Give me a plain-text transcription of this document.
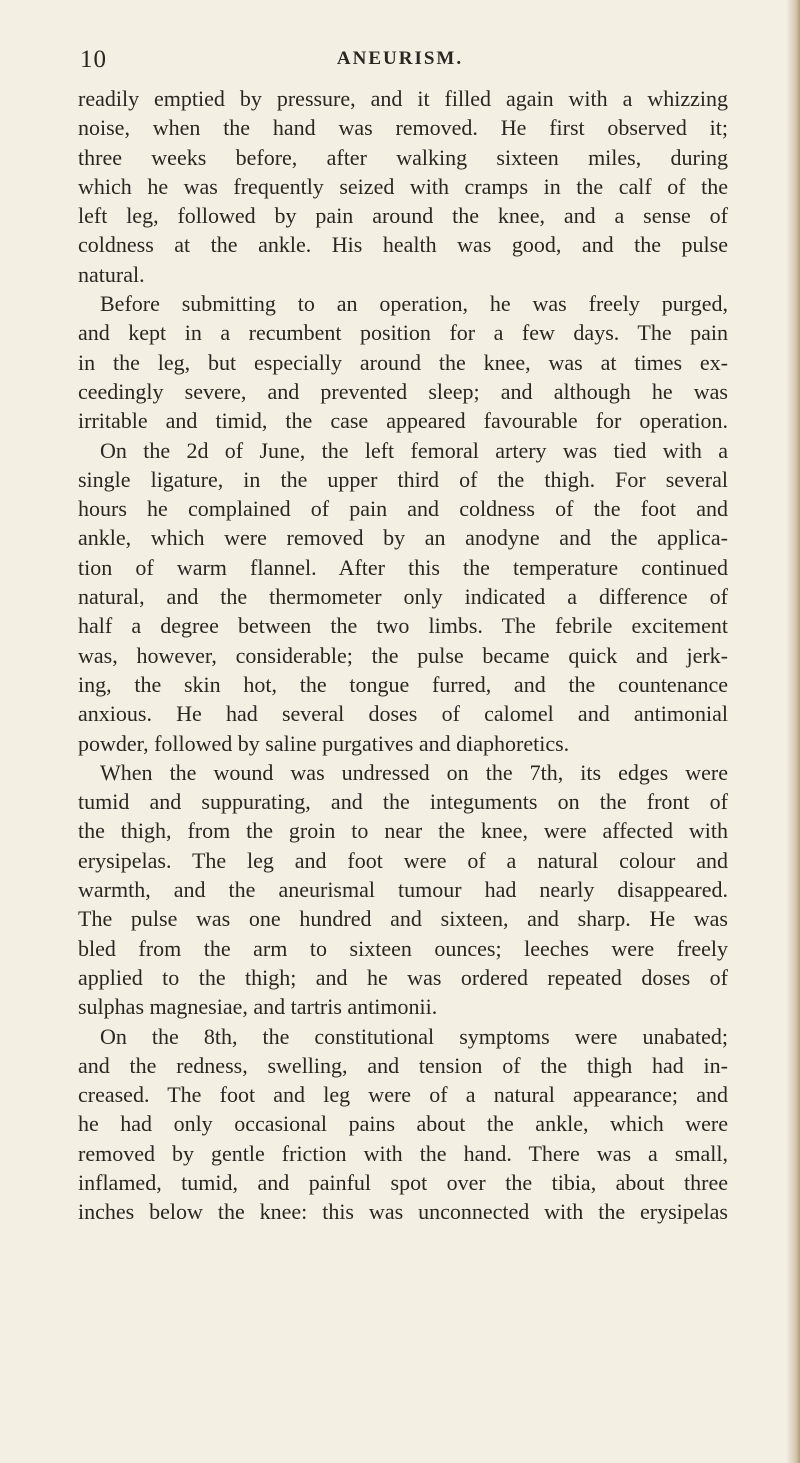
10	ANEURISM.
readily emptied by pressure, and it filled again with a whizzing
noise, when the hand was removed. He first observed it;
three weeks before, after walking sixteen miles, during
which he was frequently seized with cramps in the calf of the
left leg, followed by pain around the knee, and a sense of
coldness at the ankle. His health was good, and the pulse
natural.
Before submitting to an operation, he was freely purged,
and kept in a recumbent position for a few days. The pain
in the leg, but especially around the knee, was at times ex-
ceedingly severe, and prevented sleep; and although he was
irritable and timid, the case appeared favourable for operation.
On the 2d of June, the left femoral artery was tied with a
single ligature, in the upper third of the thigh. For several
hours he complained of pain and coldness of the foot and
ankle, which were removed by an anodyne and the applica-
tion of warm flannel. After this the temperature continued
natural, and the thermometer only indicated a difference of
half a degree between the two limbs. The febrile excitement
was, however, considerable; the pulse became quick and jerk-
ing, the skin hot, the tongue furred, and the countenance
anxious. He had several doses of calomel and antimonial
powder, followed by saline purgatives and diaphoretics.
When the wound was undressed on the 7th, its edges were
tumid and suppurating, and the integuments on the front of
the thigh, from the groin to near the knee, were affected with
erysipelas. The leg and foot were of a natural colour and
warmth, and the aneurismal tumour had nearly disappeared.
The pulse was one hundred and sixteen, and sharp. He was
bled from the arm to sixteen ounces; leeches were freely
applied to the thigh; and he was ordered repeated doses of
sulphas magnesiae, and tartris antimonii.
On the 8th, the constitutional symptoms were unabated;
and the redness, swelling, and tension of the thigh had in-
creased. The foot and leg were of a natural appearance; and
he had only occasional pains about the ankle, which were
removed by gentle friction with the hand. There was a small,
inflamed, tumid, and painful spot over the tibia, about three
inches below the knee: this was unconnected with the erysipelas
